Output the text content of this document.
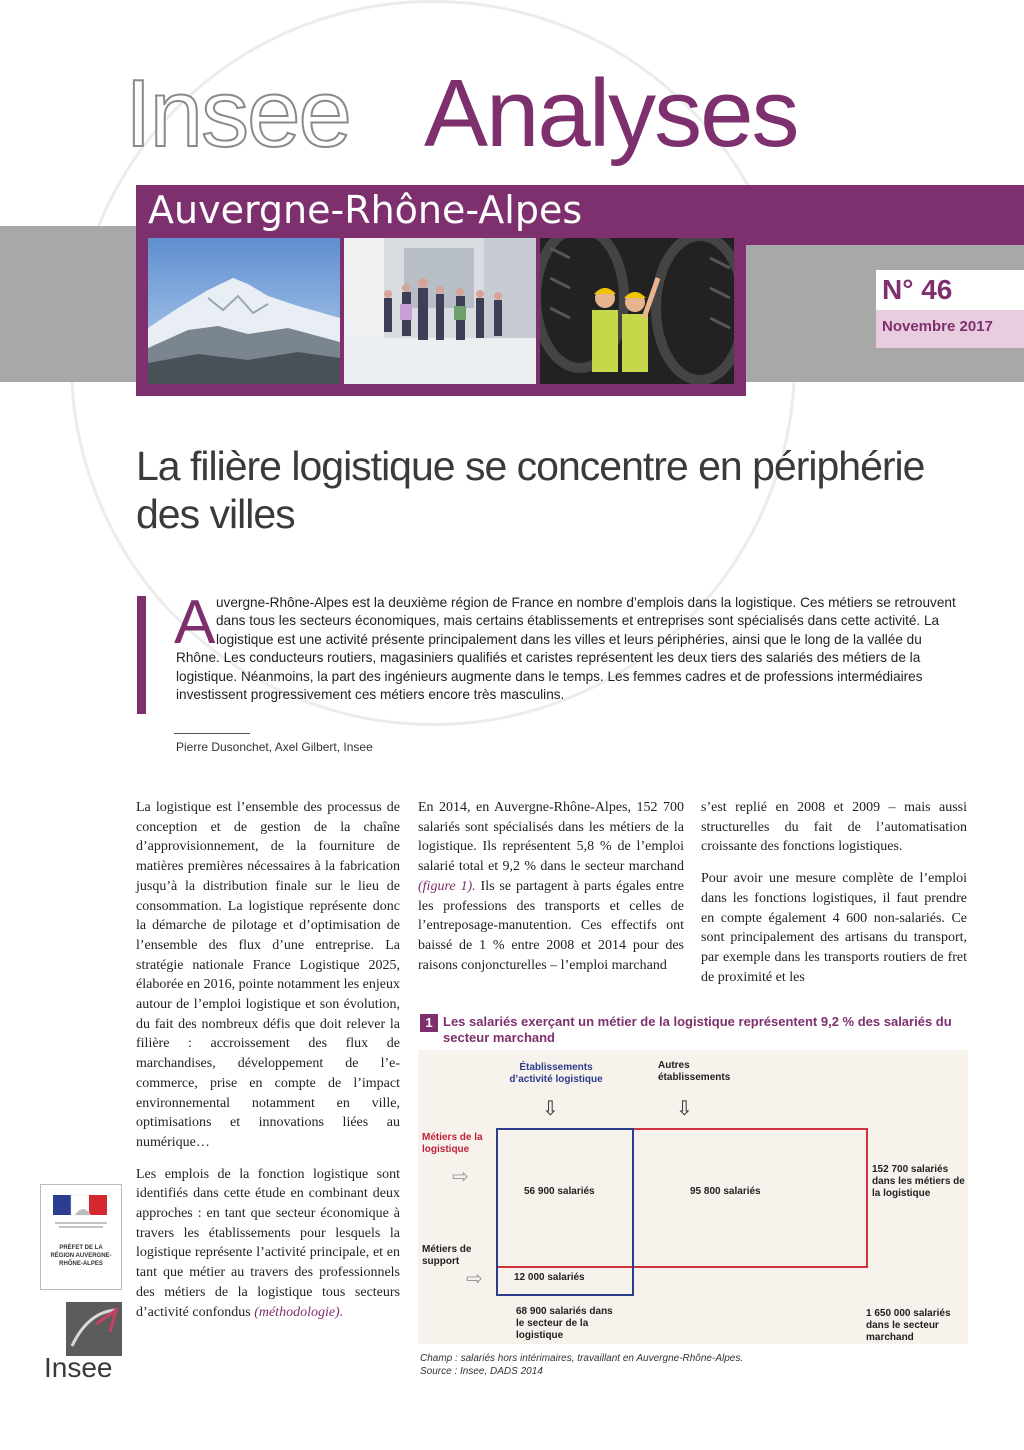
Insee Analyses
Auvergne-Rhône-Alpes
N° 46
Novembre 2017
La filière logistique se concentre en périphérie des villes
A uvergne-Rhône-Alpes est la deuxième région de France en nombre d’emplois dans la logistique. Ces métiers se retrouvent dans tous les secteurs économiques, mais certains établissements et entreprises sont spécialisés dans cette activité. La logistique est une activité présente principalement dans les villes et leurs périphéries, ainsi que le long de la vallée du Rhône. Les conducteurs routiers, magasiniers qualifiés et caristes représentent les deux tiers des salariés des métiers de la logistique. Néanmoins, la part des ingénieurs augmente dans le temps. Les femmes cadres et de professions intermédiaires investissent progressivement ces métiers encore très masculins.
Pierre Dusonchet, Axel Gilbert, Insee

La logistique est l’ensemble des processus de conception et de gestion de la chaîne d’approvisionnement, de la fourniture de matières premières nécessaires à la fabrication jusqu’à la distribution finale sur le lieu de consommation. La logistique représente donc la démarche de pilotage et d’optimisation de l’ensemble des flux d’une entreprise. La stratégie nationale France Logistique 2025, élaborée en 2016, pointe notamment les enjeux autour de l’emploi logistique et son évolution, du fait des nombreux défis que doit relever la filière : accroissement des flux de marchandises, développement de l’e-commerce, prise en compte de l’impact environnemental notamment en ville, optimisations et innovations liées au numérique…

Les emplois de la fonction logistique sont identifiés dans cette étude en combinant deux approches : en tant que secteur économique à travers les établissements pour lesquels la logistique représente l’activité principale, et en tant que métier au travers des professionnels des métiers de la logistique tous secteurs d’activité confondus (méthodologie).

En 2014, en Auvergne-Rhône-Alpes, 152 700 salariés sont spécialisés dans les métiers de la logistique. Ils représentent 5,8 % de l’emploi salarié total et 9,2 % dans le secteur marchand (figure 1). Ils se partagent à parts égales entre les professions des transports et celles de l’entreposage-manutention. Ces effectifs ont baissé de 1 % entre 2008 et 2014 pour des raisons conjoncturelles – l’emploi marchand

s’est replié en 2008 et 2009 – mais aussi structurelles du fait de l’automatisation croissante des fonctions logistiques.

Pour avoir une mesure complète de l’emploi dans les fonctions logistiques, il faut prendre en compte également 4 600 non-salariés. Ce sont principalement des artisans du transport, par exemple dans les transports routiers de fret de proximité et les

1 Les salariés exerçant un métier de la logistique représentent 9,2 % des salariés du secteur marchand
Établissements d’activité logistique
Autres établissements
⇩	⇩
Métiers de la logistique
⇨
Métiers de support
⇨
56 900 salariés	95 800 salariés
12 000 salariés
152 700 salariés dans les métiers de la logistique
68 900 salariés dans le secteur de la logistique
1 650 000 salariés dans le secteur marchand
Champ : salariés hors intérimaires, travaillant en Auvergne-Rhône-Alpes.
Source : Insee, DADS 2014
PRÉFET DE LA RÉGION AUVERGNE-RHÔNE-ALPES
Insee
